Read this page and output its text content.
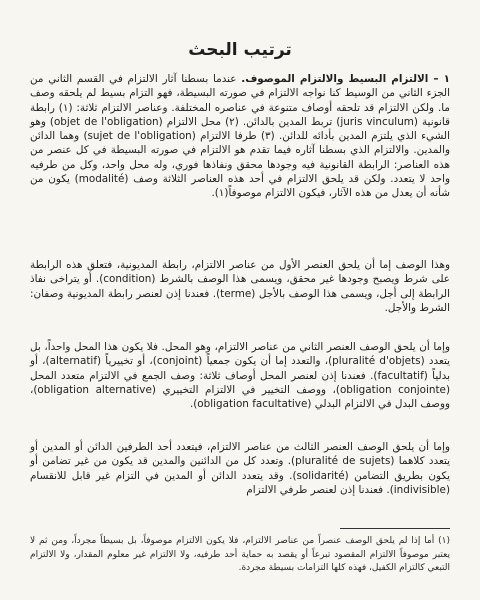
ترتيب البحث

١ – الالتزام البسيط والالتزام الموصوف. عندما بسطنا آثار الالتزام في القسم الثاني من الجزء الثاني من الوسيط كنا نواجه الالتزام في صورته البسيطة، فهو التزام بسيط لم يلحقه وصف ما. ولكن الالتزام قد تلحقه أوصاف متنوعة في عناصره المختلفة. وعناصر الالتزام ثلاثة: (١) رابطة قانونية (juris vinculum) تربط المدين بالدائن. (٢) محل الالتزام (objet de l'obligation) وهو الشيء الذي يلتزم المدين بأدائه للدائن. (٣) طرفا الالتزام (sujet de l'obligation) وهما الدائن والمدين. والالتزام الذي بسطنا آثاره فيما تقدم هو الالتزام في صورته البسيطة في كل عنصر من هذه العناصر: الرابطة القانونية فيه وجودها محقق ونفاذها فوري، وله محل واحد، وكل من طرفيه واحد لا يتعدد. ولكن قد يلحق الالتزام في أحد هذه العناصر الثلاثة وصف (modalité) يكون من شأنه أن يعدل من هذه الآثار، فيكون الالتزام موصوفاً(١).

وهذا الوصف إما أن يلحق العنصر الأول من عناصر الالتزام، رابطة المديونية، فتعلق هذه الرابطة على شرط ويصبح وجودها غير محقق، ويسمى هذا الوصف بالشرط (condition). أو يتراخى نفاذ الرابطة إلى أجل، ويسمى هذا الوصف بالأجل (terme). فعندنا إذن لعنصر رابطة المديونية وصفان: الشرط والأجل.

وإما أن يلحق الوصف العنصر الثاني من عناصر الالتزام، وهو المحل. فلا يكون هذا المحل واحداً، بل يتعدد (pluralité d'objets)، والتعدد إما أن يكون جمعياً (conjoint)، أو تخييرياً (alternatif)، أو بدلياً (facultatif). فعندنا إذن لعنصر المحل أوصاف ثلاثة: وصف الجمع في الالتزام متعدد المحل (obligation conjointe)، ووصف التخيير في الالتزام التخييري (obligation alternative)، ووصف البدل في الالتزام البدلي (obligation facultative).

وإما أن يلحق الوصف العنصر الثالث من عناصر الالتزام، فيتعدد أحد الطرفين الدائن أو المدين أو يتعدد كلاهما (pluralité de sujets). وتعدد كل من الدائنين والمدين قد يكون من غير تضامن أو يكون بطريق التضامن (solidarité). وقد يتعدد الدائن أو المدين في التزام غير قابل للانقسام (indivisible). فعندنا إذن لعنصر طرفي الالتزام

(١) أما إذا لم يلحق الوصف عنصراً من عناصر الالتزام، فلا يكون الالتزام موصوفاً، بل بسيطاً مجرداً، ومن ثم لا يعتبر موصوفاً الالتزام المقصود تبرعاً أو يقصد به حماية أحد طرفيه، ولا الالتزام غير معلوم المقدار، ولا الالتزام التبعي كالتزام الكفيل، فهذه كلها التزامات بسيطة مجردة.
